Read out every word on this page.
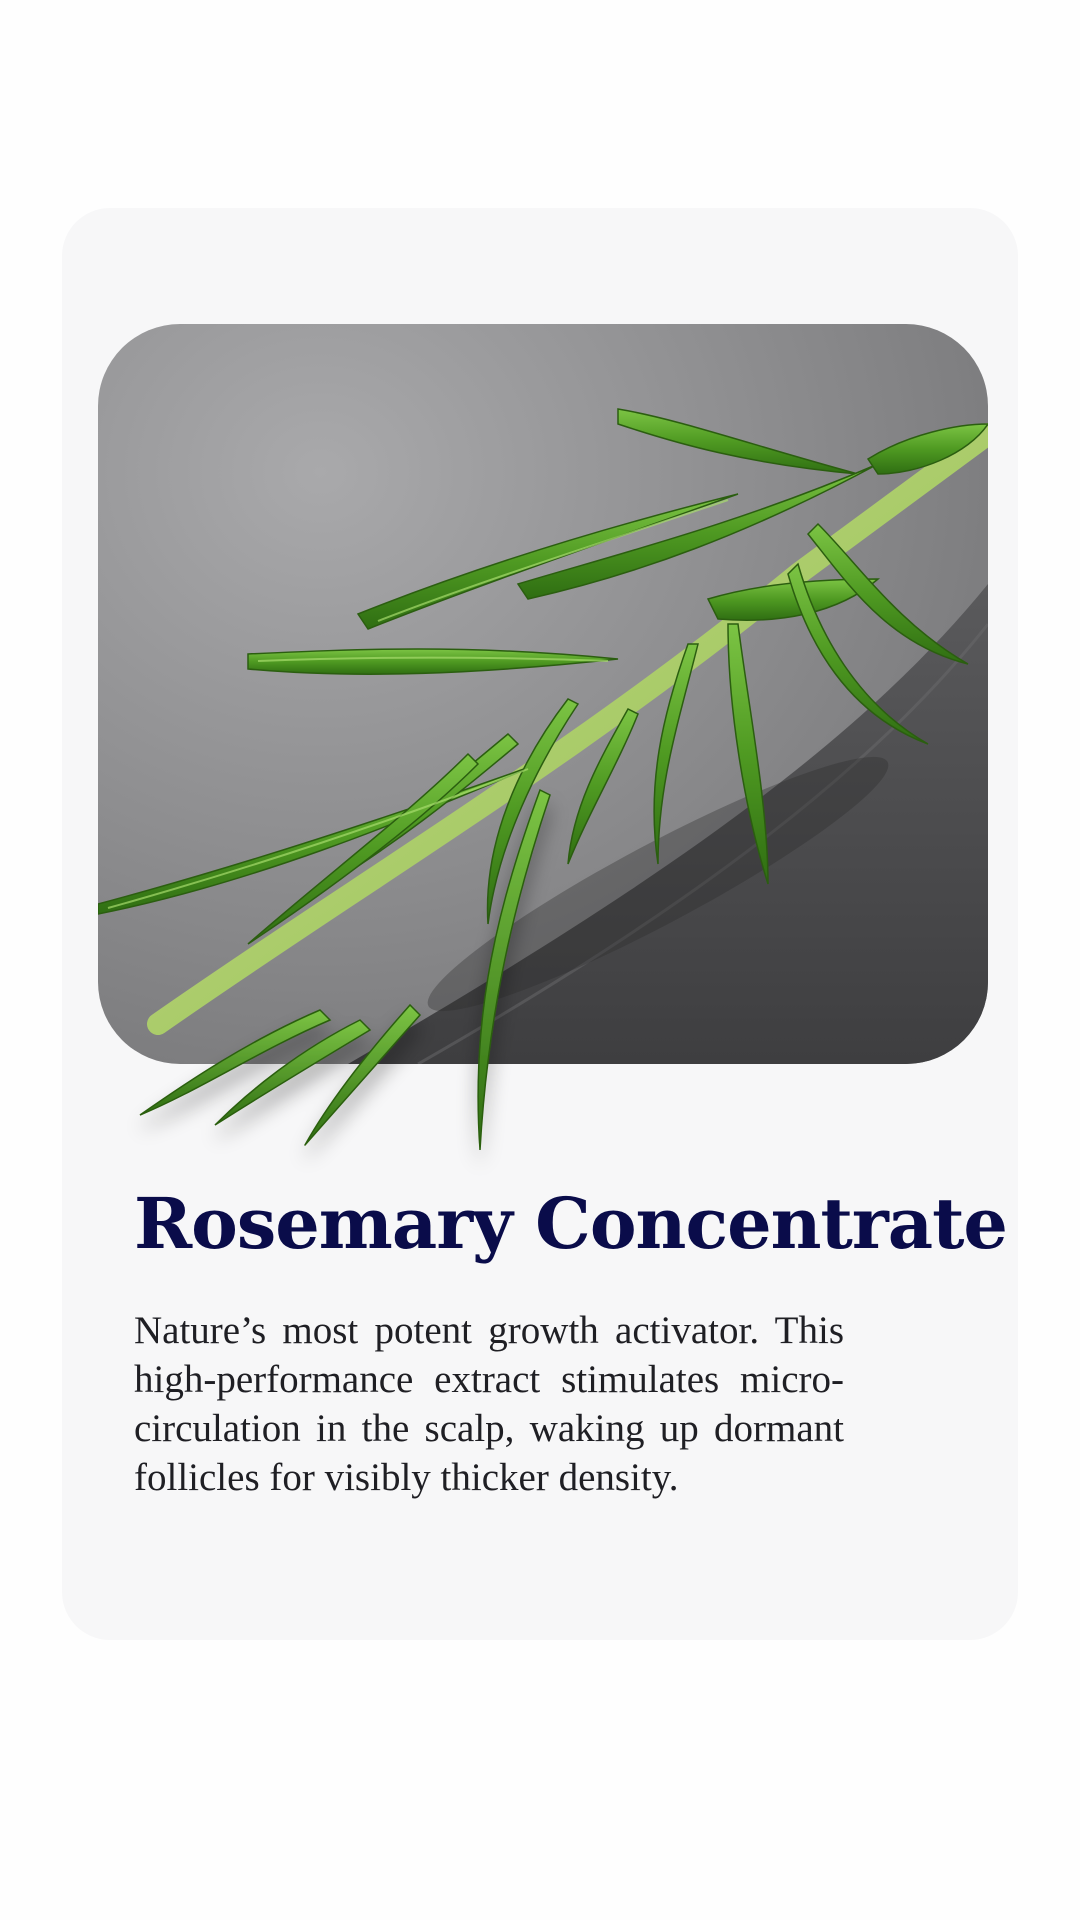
Rosemary Concentrate

Nature’s most potent growth activator. This high-performance extract stimulates micro-circulation in the scalp, waking up dormant follicles for visibly thicker density.
